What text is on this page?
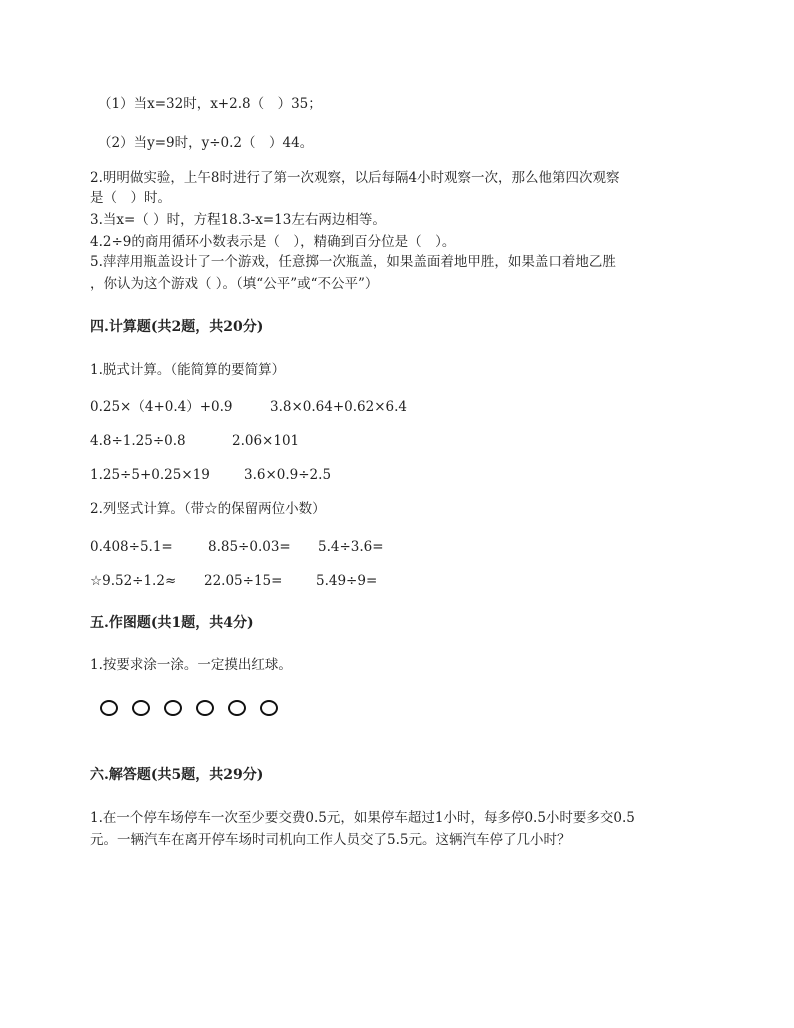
（1）当x=32时，x+2.8（　）35；
（2）当y=9时，y÷0.2（　）44。
2.明明做实验，上午8时进行了第一次观察，以后每隔4小时观察一次，那么他第四次观察
是（　）时。
3.当x=（ ）时，方程18.3-x=13左右两边相等。
4.2÷9的商用循环小数表示是（　），精确到百分位是（　）。
5.萍萍用瓶盖设计了一个游戏，任意掷一次瓶盖，如果盖面着地甲胜，如果盖口着地乙胜
，你认为这个游戏（ ）。（填“公平”或“不公平”）
四.计算题(共2题，共20分)
1.脱式计算。（能简算的要简算）
0.25×（4+0.4）+0.9	3.8×0.64+0.62×6.4
4.8÷1.25÷0.8	2.06×101
1.25÷5+0.25×19	3.6×0.9÷2.5
2.列竖式计算。（带☆的保留两位小数）
0.408÷5.1=	8.85÷0.03= 5.4÷3.6=
☆9.52÷1.2≈ 22.05÷15= 5.49÷9=
五.作图题(共1题，共4分)
1.按要求涂一涂。一定摸出红球。
六.解答题(共5题，共29分)
1.在一个停车场停车一次至少要交费0.5元，如果停车超过1小时，每多停0.5小时要多交0.5
元。一辆汽车在离开停车场时司机向工作人员交了5.5元。这辆汽车停了几小时？
